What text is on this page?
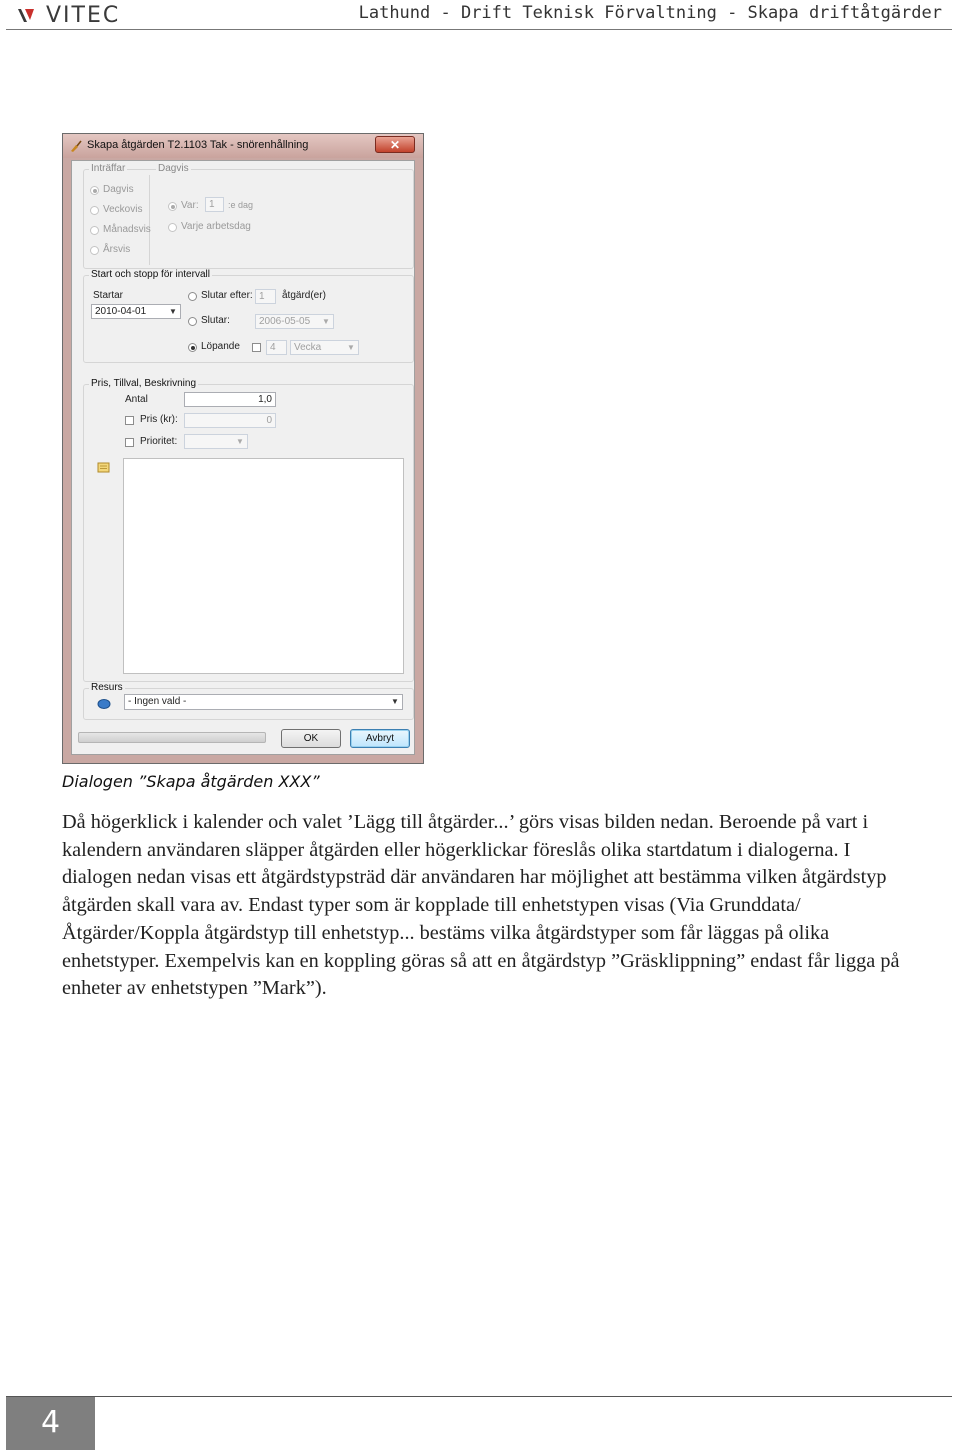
VITEC	Lathund - Drift Teknisk Förvaltning - Skapa driftåtgärder
Skapa åtgärden T2.1103 Tak - snörenhållning	✕
Inträffar	Dagvis
Dagvis
Veckovis
Månadsvis
Årsvis
Var:	1	:e dag
Varje arbetsdag
Start och stopp för intervall
Startar
2010-04-01	▼
Slutar efter: 1	åtgärd(er)
Slutar:	2006-05-05 ▼
Löpande	4	Vecka	▼
Pris, Tillval, Beskrivning
Antal	1,0
Pris (kr):	0
Prioritet:	▼
Resurs
- Ingen vald -	▼
OK	Avbryt
Dialogen ”Skapa åtgärden XXX”

Då högerklick i kalender och valet ’Lägg till åtgärder...’ görs visas bilden nedan. Beroende på vart i kalendern användaren släpper åtgärden eller högerklickar föreslås olika startdatum i dialogerna. I dialogen nedan visas ett åtgärdstypsträd där användaren har möjlighet att bestämma vilken åtgärdstyp åtgärden skall vara av. Endast typer som är kopplade till enhetstypen visas (Via Grunddata/Åtgärder/Koppla åtgärdstyp till enhetstyp... bestäms vilka åtgärdstyper som får läggas på olika enhetstyper. Exempelvis kan en koppling göras så att en åtgärdstyp ”Gräsklippning” endast får ligga på enheter av enhetstypen ”Mark”).

4
